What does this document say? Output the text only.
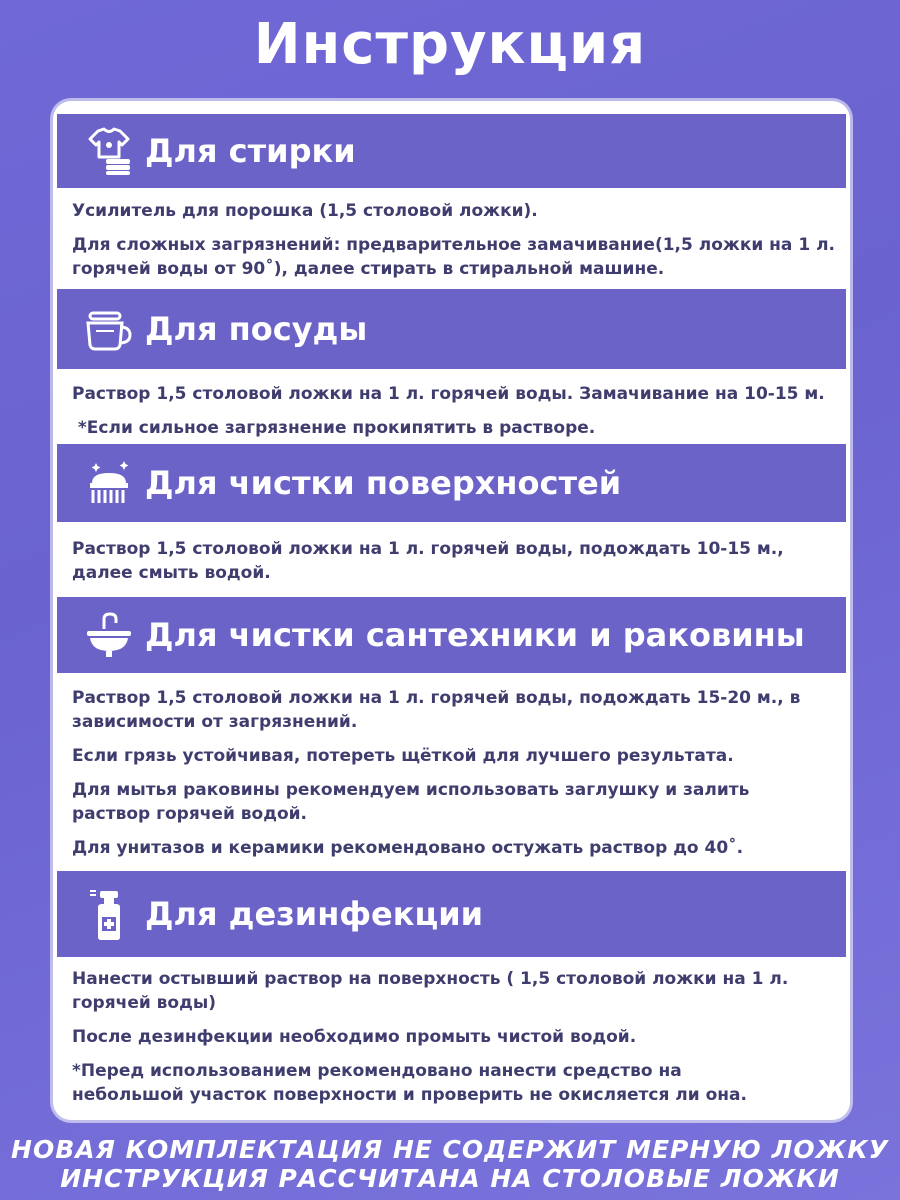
Инструкция
Для стирки

Усилитель для порошка (1,5 столовой ложки).

Для сложных загрязнений: предварительное замачивание(1,5 ложки на 1 л. горячей воды от 90˚), далее стирать в стиральной машине.

Для посуды

Раствор 1,5 столовой ложки на 1 л. горячей воды. Замачивание на 10-15 м.

*Если сильное загрязнение прокипятить в растворе.

Для чистки поверхностей

Раствор 1,5 столовой ложки на 1 л. горячей воды, подождать 10-15 м., далее смыть водой.

Для чистки сантехники и раковины

Раствор 1,5 столовой ложки на 1 л. горячей воды, подождать 15-20 м., в зависимости от загрязнений.

Если грязь устойчивая, потереть щёткой для лучшего результата.

Для мытья раковины рекомендуем использовать заглушку и залить раствор горячей водой.

Для унитазов и керамики рекомендовано остужать раствор до 40˚.

Для дезинфекции

Нанести остывший раствор на поверхность ( 1,5 столовой ложки на 1 л. горячей воды)

После дезинфекции необходимо промыть чистой водой.

*Перед использованием рекомендовано нанести средство на небольшой участок поверхности и проверить не окисляется ли она.

НОВАЯ КОМПЛЕКТАЦИЯ НЕ СОДЕРЖИТ МЕРНУЮ ЛОЖКУ
ИНСТРУКЦИЯ РАССЧИТАНА НА СТОЛОВЫЕ ЛОЖКИ
